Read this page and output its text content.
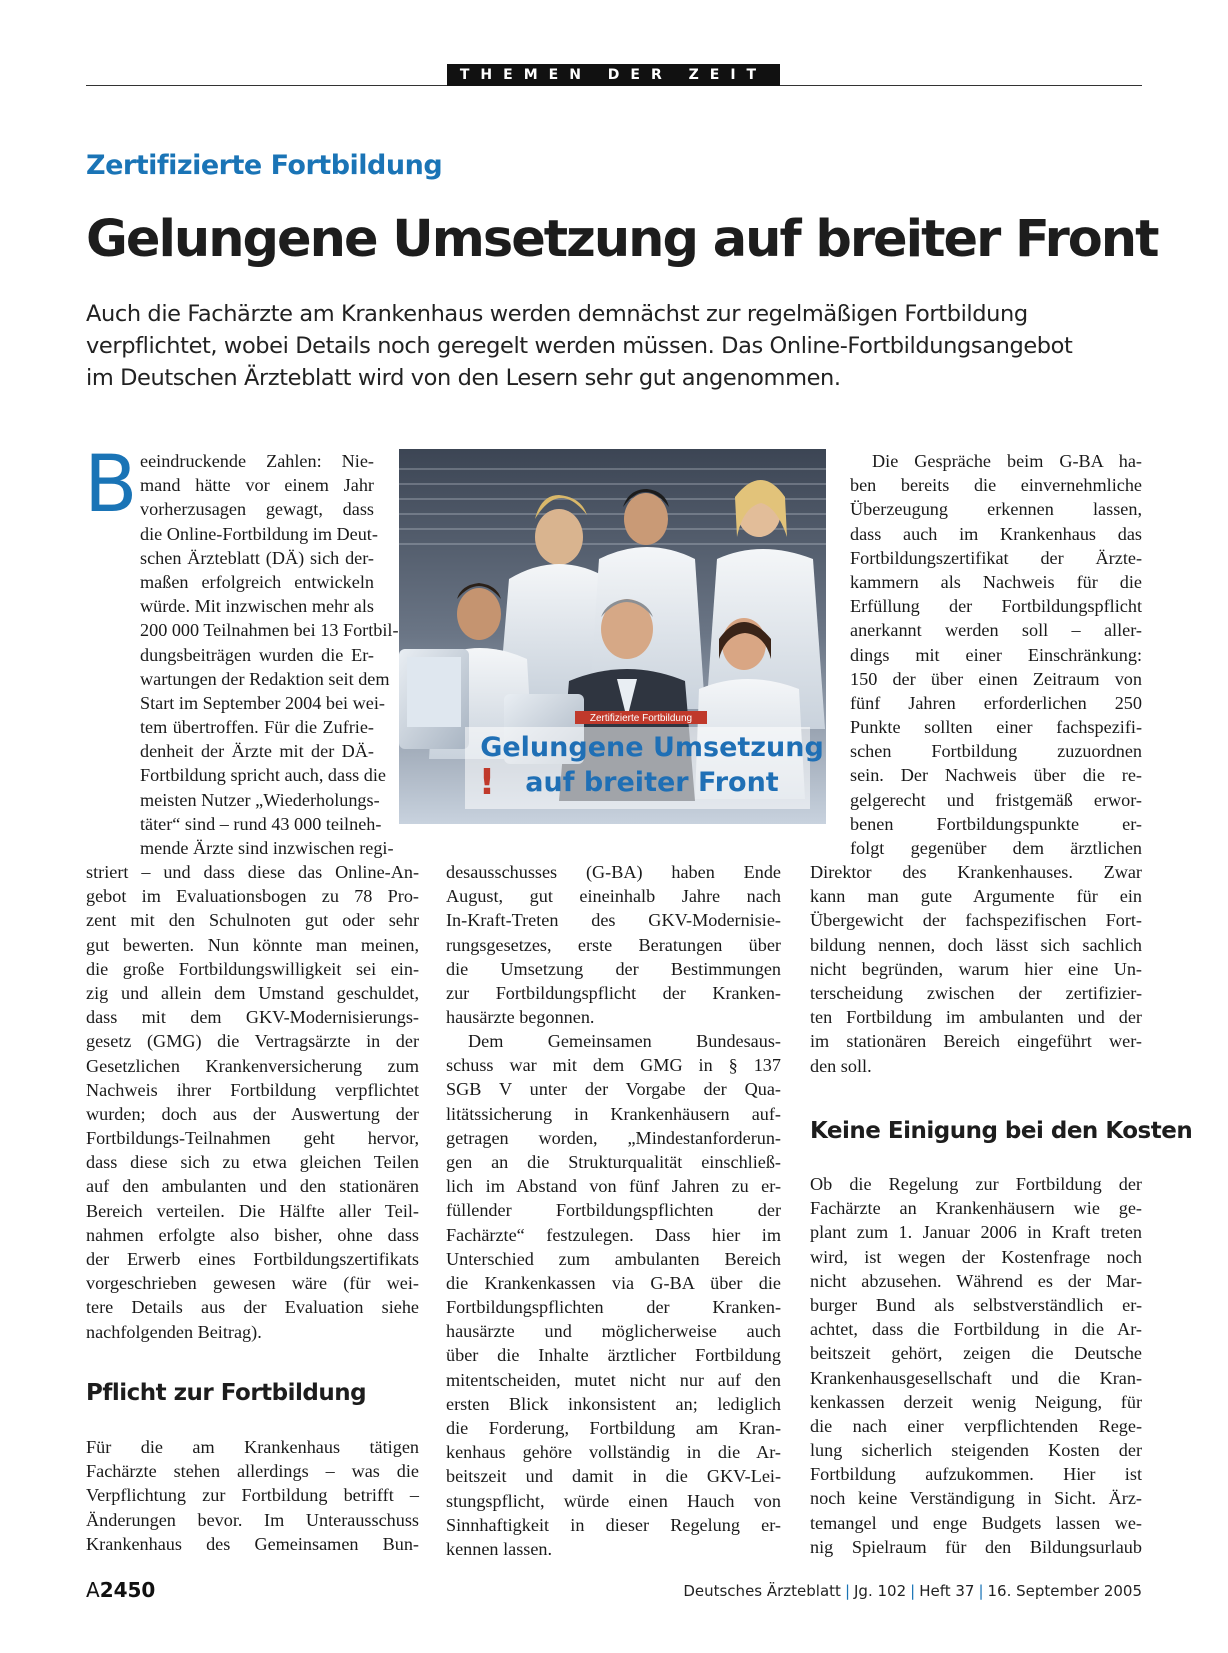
THEMEN DER ZEIT
Zertifizierte Fortbildung
Gelungene Umsetzung auf breiter Front

Auch die Fachärzte am Krankenhaus werden demnächst zur regelmäßigen Fortbildung

verpflichtet, wobei Details noch geregelt werden müssen. Das Online-Fortbildungsangebot

im Deutschen Ärzteblatt wird von den Lesern sehr gut angenommen.

B eeindruckende Zahlen: Nie-
mand hätte vor einem Jahr
vorherzusagen gewagt, dass
die Online-Fortbildung im Deut-
schen Ärzteblatt (DÄ) sich der-
maßen erfolgreich entwickeln
würde. Mit inzwischen mehr als
200 000 Teilnahmen bei 13 Fortbil-
dungsbeiträgen wurden die Er-
wartungen der Redaktion seit dem
Start im September 2004 bei wei-
tem übertroffen. Für die Zufrie-
denheit der Ärzte mit der DÄ-
Fortbildung spricht auch, dass die
meisten Nutzer „Wiederholungs-
täter“ sind – rund 43 000 teilneh-
mende Ärzte sind inzwischen regi-
striert – und dass diese das Online-An-
gebot im Evaluationsbogen zu 78 Pro-
zent mit den Schulnoten gut oder sehr
gut bewerten. Nun könnte man meinen,
die große Fortbildungswilligkeit sei ein-
zig und allein dem Umstand geschuldet,
dass mit dem GKV-Modernisierungs-
gesetz (GMG) die Vertragsärzte in der
Gesetzlichen Krankenversicherung zum
Nachweis ihrer Fortbildung verpflichtet
wurden; doch aus der Auswertung der
Fortbildungs-Teilnahmen geht hervor,
dass diese sich zu etwa gleichen Teilen
auf den ambulanten und den stationären
Bereich verteilen. Die Hälfte aller Teil-
nahmen erfolgte also bisher, ohne dass
der Erwerb eines Fortbildungszertifikats
vorgeschrieben gewesen wäre (für wei-
tere Details aus der Evaluation siehe
nachfolgenden Beitrag).
Pflicht zur Fortbildung
Für die am Krankenhaus tätigen
Fachärzte stehen allerdings – was die
Verpflichtung zur Fortbildung betrifft –
Änderungen bevor. Im Unterausschuss
Krankenhaus des Gemeinsamen Bun-
Zertifizierte Fortbildung
Gelungene Umsetzung
auf breiter Front
!
desausschusses (G-BA) haben Ende
August, gut eineinhalb Jahre nach
In-Kraft-Treten des GKV-Modernisie-
rungsgesetzes, erste Beratungen über
die Umsetzung der Bestimmungen
zur Fortbildungspflicht der Kranken-
hausärzte begonnen.
Dem Gemeinsamen Bundesaus-
schuss war mit dem GMG in § 137
SGB V unter der Vorgabe der Qua-
litätssicherung in Krankenhäusern auf-
getragen worden, „Mindestanforderun-
gen an die Strukturqualität einschließ-
lich im Abstand von fünf Jahren zu er-
füllender Fortbildungspflichten der
Fachärzte“ festzulegen. Dass hier im
Unterschied zum ambulanten Bereich
die Krankenkassen via G-BA über die
Fortbildungspflichten der Kranken-
hausärzte und möglicherweise auch
über die Inhalte ärztlicher Fortbildung
mitentscheiden, mutet nicht nur auf den
ersten Blick inkonsistent an; lediglich
die Forderung, Fortbildung am Kran-
kenhaus gehöre vollständig in die Ar-
beitszeit und damit in die GKV-Lei-
stungspflicht, würde einen Hauch von
Sinnhaftigkeit in dieser Regelung er-
kennen lassen.
Die Gespräche beim G-BA ha-
ben bereits die einvernehmliche
Überzeugung erkennen lassen,
dass auch im Krankenhaus das
Fortbildungszertifikat der Ärzte-
kammern als Nachweis für die
Erfüllung der Fortbildungspflicht
anerkannt werden soll – aller-
dings mit einer Einschränkung:
150 der über einen Zeitraum von
fünf Jahren erforderlichen 250
Punkte sollten einer fachspezifi-
schen Fortbildung zuzuordnen
sein. Der Nachweis über die re-
gelgerecht und fristgemäß erwor-
benen Fortbildungspunkte er-
folgt gegenüber dem ärztlichen
Direktor des Krankenhauses. Zwar
kann man gute Argumente für ein
Übergewicht der fachspezifischen Fort-
bildung nennen, doch lässt sich sachlich
nicht begründen, warum hier eine Un-
terscheidung zwischen der zertifizier-
ten Fortbildung im ambulanten und der
im stationären Bereich eingeführt wer-
den soll.
Keine Einigung bei den Kosten
Ob die Regelung zur Fortbildung der
Fachärzte an Krankenhäusern wie ge-
plant zum 1. Januar 2006 in Kraft treten
wird, ist wegen der Kostenfrage noch
nicht abzusehen. Während es der Mar-
burger Bund als selbstverständlich er-
achtet, dass die Fortbildung in die Ar-
beitszeit gehört, zeigen die Deutsche
Krankenhausgesellschaft und die Kran-
kenkassen derzeit wenig Neigung, für
die nach einer verpflichtenden Rege-
lung sicherlich steigenden Kosten der
Fortbildung aufzukommen. Hier ist
noch keine Verständigung in Sicht. Ärz-
temangel und enge Budgets lassen we-
nig Spielraum für den Bildungsurlaub
A2450	Deutsches Ärzteblatt | Jg. 102 | Heft 37 | 16. September 2005
